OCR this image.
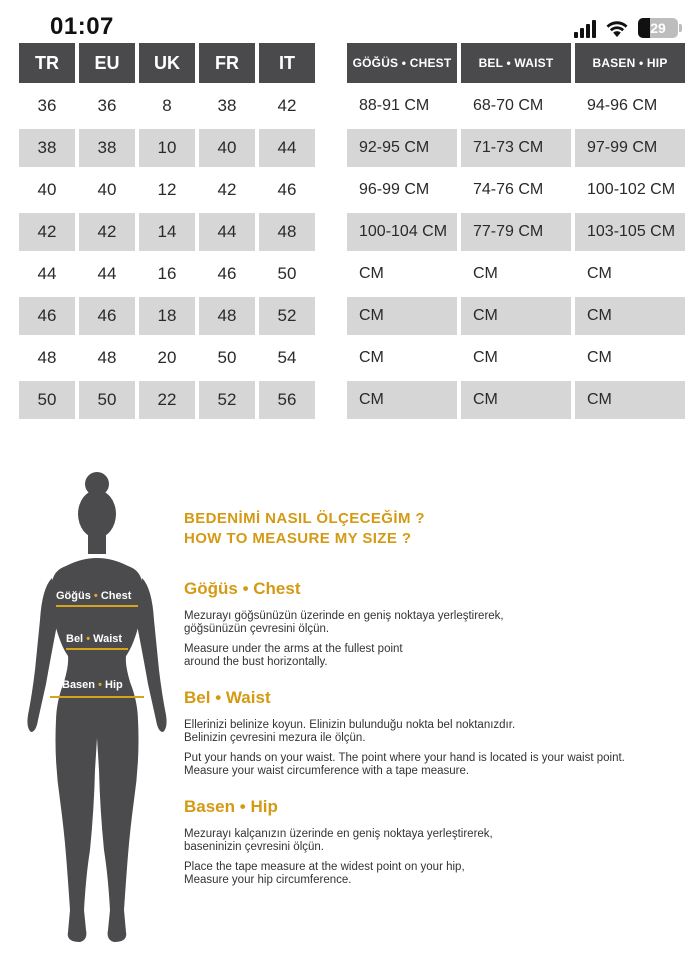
01:07	29
TR	EU	UK	FR	IT
36	36	8	38	42
38	38	10	40	44
40	40	12	42	46
42	42	14	44	48
44	44	16	46	50
46	46	18	48	52
48	48	20	50	54
50	50	22	52	56
GÖĞÜS • CHEST	BEL • WAIST	BASEN • HIP
88-91 CM	68-70 CM	94-96 CM
92-95 CM	71-73 CM	97-99 CM
96-99 CM	74-76 CM	100-102 CM
100-104 CM	77-79 CM	103-105 CM
CM	CM	CM
CM	CM	CM
CM	CM	CM
CM	CM	CM
Göğüs • Chest
Bel • Waist
Basen • Hip
BEDENİMİ NASIL ÖLÇECEĞİM ?
HOW TO MEASURE MY SIZE ?
Göğüs • Chest
Mezurayı göğsünüzün üzerinde en geniş noktaya yerleştirerek,
göğsünüzün çevresini ölçün.
Measure under the arms at the fullest point
around the bust horizontally.
Bel • Waist
Ellerinizi belinize koyun. Elinizin bulunduğu nokta bel noktanızdır.
Belinizin çevresini mezura ile ölçün.
Put your hands on your waist. The point where your hand is located is your waist point.
Measure your waist circumference with a tape measure.
Basen • Hip
Mezurayı kalçanızın üzerinde en geniş noktaya yerleştirerek,
baseninizin çevresini ölçün.
Place the tape measure at the widest point on your hip,
Measure your hip circumference.
